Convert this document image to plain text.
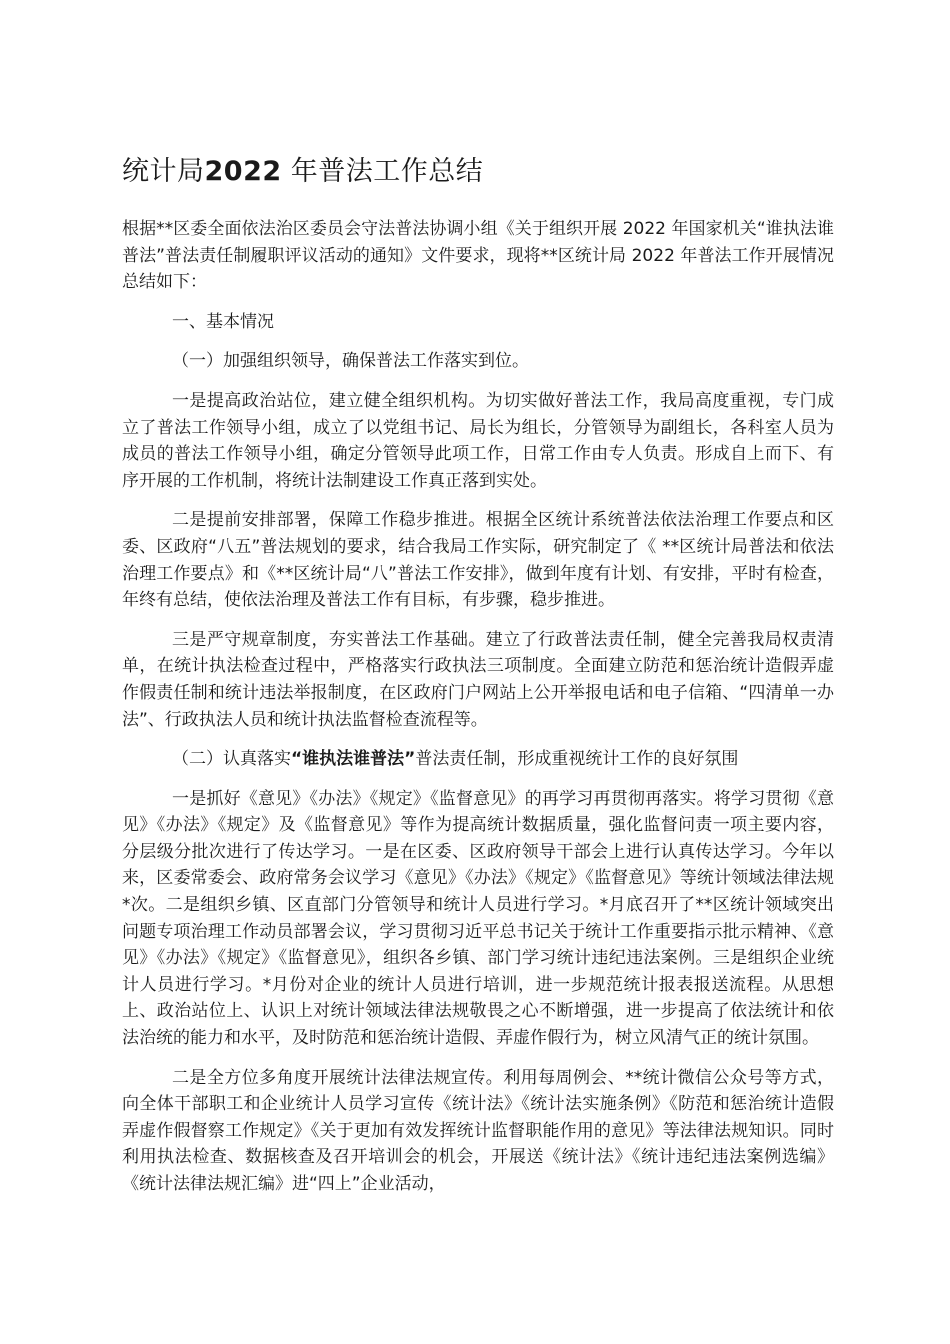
统计局2022 年普法工作总结

根据**区委全面依法治区委员会守法普法协调小组《关于组织开展 2022 年国家机关“谁执法谁普法”普法责任制履职评议活动的通知》文件要求，现将**区统计局 2022 年普法工作开展情况总结如下：

一、基本情况

（一）加强组织领导，确保普法工作落实到位。

一是提高政治站位，建立健全组织机构。为切实做好普法工作，我局高度重视，专门成立了普法工作领导小组，成立了以党组书记、局长为组长，分管领导为副组长，各科室人员为成员的普法工作领导小组，确定分管领导此项工作，日常工作由专人负责。形成自上而下、有序开展的工作机制，将统计法制建设工作真正落到实处。

二是提前安排部署，保障工作稳步推进。根据全区统计系统普法依法治理工作要点和区委、区政府“八五”普法规划的要求，结合我局工作实际，研究制定了《 **区统计局普法和依法治理工作要点》和《**区统计局“八”普法工作安排》，做到年度有计划、有安排，平时有检查，年终有总结，使依法治理及普法工作有目标，有步骤，稳步推进。

三是严守规章制度，夯实普法工作基础。建立了行政普法责任制，健全完善我局权责清单，在统计执法检查过程中，严格落实行政执法三项制度。全面建立防范和惩治统计造假弄虚作假责任制和统计违法举报制度，在区政府门户网站上公开举报电话和电子信箱、“四清单一办法”、行政执法人员和统计执法监督检查流程等。

（二）认真落实“谁执法谁普法”普法责任制，形成重视统计工作的良好氛围

一是抓好《意见》《办法》《规定》《监督意见》的再学习再贯彻再落实。将学习贯彻《意见》《办法》《规定》及《监督意见》等作为提高统计数据质量，强化监督问责一项主要内容，分层级分批次进行了传达学习。一是在区委、区政府领导干部会上进行认真传达学习。今年以来，区委常委会、政府常务会议学习《意见》《办法》《规定》《监督意见》等统计领域法律法规*次。二是组织乡镇、区直部门分管领导和统计人员进行学习。*月底召开了**区统计领域突出问题专项治理工作动员部署会议，学习贯彻习近平总书记关于统计工作重要指示批示精神、《意见》《办法》《规定》《监督意见》，组织各乡镇、部门学习统计违纪违法案例。三是组织企业统计人员进行学习。*月份对企业的统计人员进行培训，进一步规范统计报表报送流程。从思想上、政治站位上、认识上对统计领域法律法规敬畏之心不断增强，进一步提高了依法统计和依法治统的能力和水平，及时防范和惩治统计造假、弄虚作假行为，树立风清气正的统计氛围。

二是全方位多角度开展统计法律法规宣传。利用每周例会、**统计微信公众号等方式，向全体干部职工和企业统计人员学习宣传《统计法》《统计法实施条例》《防范和惩治统计造假弄虚作假督察工作规定》《关于更加有效发挥统计监督职能作用的意见》等法律法规知识。同时利用执法检查、数据核查及召开培训会的机会，开展送《统计法》《统计违纪违法案例选编》《统计法律法规汇编》进“四上”企业活动，
